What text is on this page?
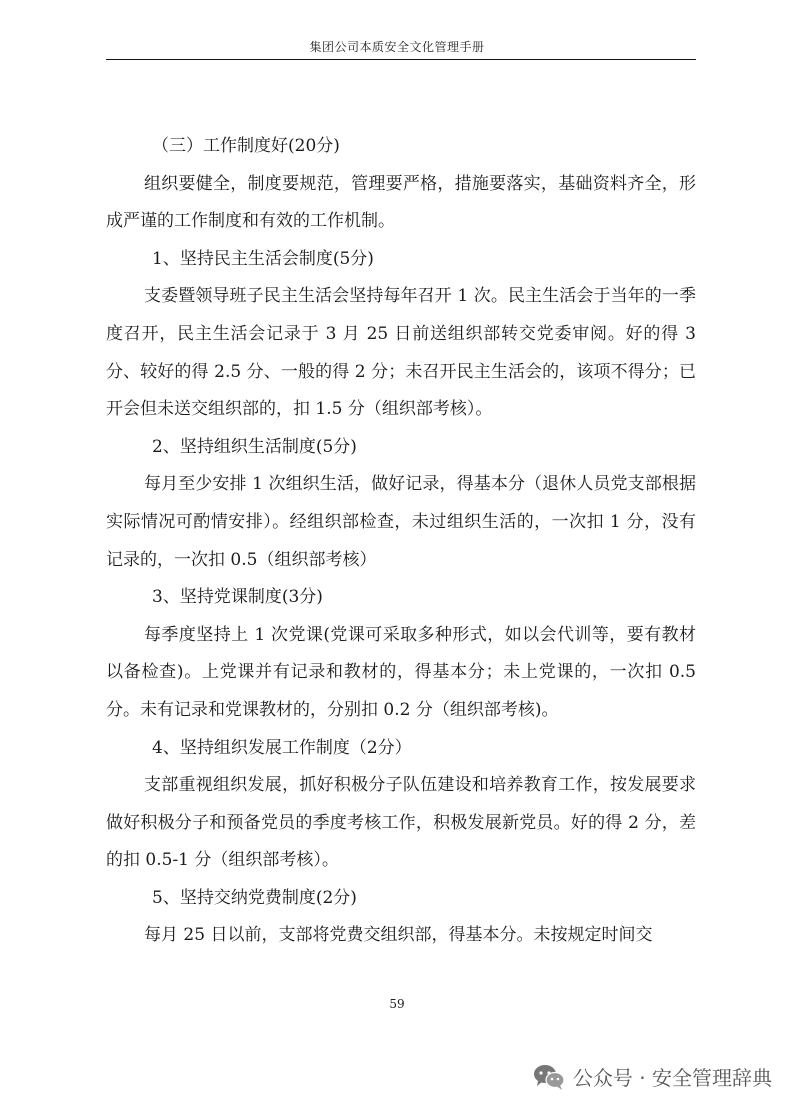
集团公司本质安全文化管理手册

（三）工作制度好(20分)

组织要健全，制度要规范，管理要严格，措施要落实，基础资料齐全，形成严谨的工作制度和有效的工作机制。

1、坚持民主生活会制度(5分)

支委暨领导班子民主生活会坚持每年召开 1 次。民主生活会于当年的一季度召开，民主生活会记录于 3 月 25 日前送组织部转交党委审阅。好的得 3 分、较好的得 2.5 分、一般的得 2 分；未召开民主生活会的，该项不得分；已开会但未送交组织部的，扣 1.5 分（组织部考核）。

2、坚持组织生活制度(5分)

每月至少安排 1 次组织生活，做好记录，得基本分（退休人员党支部根据实际情况可酌情安排）。经组织部检查，未过组织生活的，一次扣 1 分，没有记录的，一次扣 0.5（组织部考核）

3、坚持党课制度(3分)

每季度坚持上 1 次党课(党课可采取多种形式，如以会代训等，要有教材以备检查)。上党课并有记录和教材的，得基本分；未上党课的，一次扣 0.5 分。未有记录和党课教材的，分别扣 0.2 分（组织部考核)。

4、坚持组织发展工作制度（2分）

支部重视组织发展，抓好积极分子队伍建设和培养教育工作，按发展要求做好积极分子和预备党员的季度考核工作，积极发展新党员。好的得 2 分，差的扣 0.5-1 分（组织部考核）。

5、坚持交纳党费制度(2分)

每月 25 日以前，支部将党费交组织部，得基本分。未按规定时间交

59
公众号 · 安全管理辞典
